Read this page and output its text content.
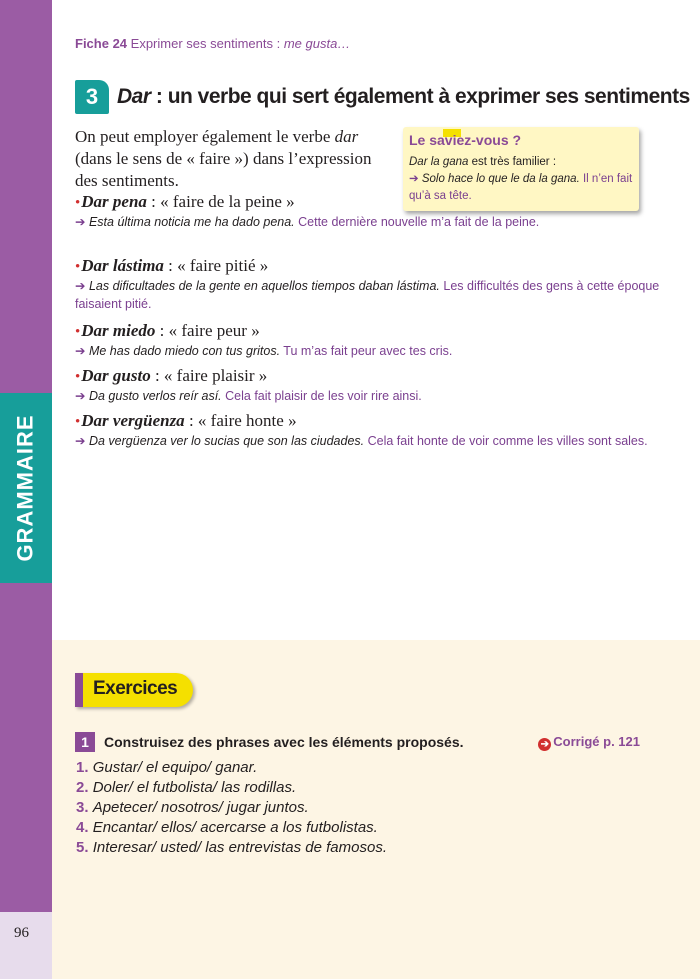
GRAMMAIRE
96
Fiche 24 Exprimer ses sentiments : me gusta…
3 Dar : un verbe qui sert également à exprimer ses sentiments
On peut employer également le verbe dar (dans le sens de « faire ») dans l’expression des sentiments.
Le saviez-vous ?
Dar la gana est très familier :
➔ Solo hace lo que le da la gana. Il n’en fait qu’à sa tête.
•Dar pena : « faire de la peine »
➔ Esta última noticia me ha dado pena. Cette dernière nouvelle m’a fait de la peine.
•Dar lástima : « faire pitié »
➔ Las dificultades de la gente en aquellos tiempos daban lástima. Les difficultés des gens à cette époque faisaient pitié.
•Dar miedo : « faire peur »
➔ Me has dado miedo con tus gritos. Tu m’as fait peur avec tes cris.
•Dar gusto : « faire plaisir »
➔ Da gusto verlos reír así. Cela fait plaisir de les voir rire ainsi.
•Dar vergüenza : « faire honte »
➔ Da vergüenza ver lo sucias que son las ciudades. Cela fait honte de voir comme les villes sont sales.
Exercices
1	Construisez des phrases avec les éléments proposés.	➔ Corrigé p. 121
1. Gustar/ el equipo/ ganar.
2. Doler/ el futbolista/ las rodillas.
3. Apetecer/ nosotros/ jugar juntos.
4. Encantar/ ellos/ acercarse a los futbolistas.
5. Interesar/ usted/ las entrevistas de famosos.
